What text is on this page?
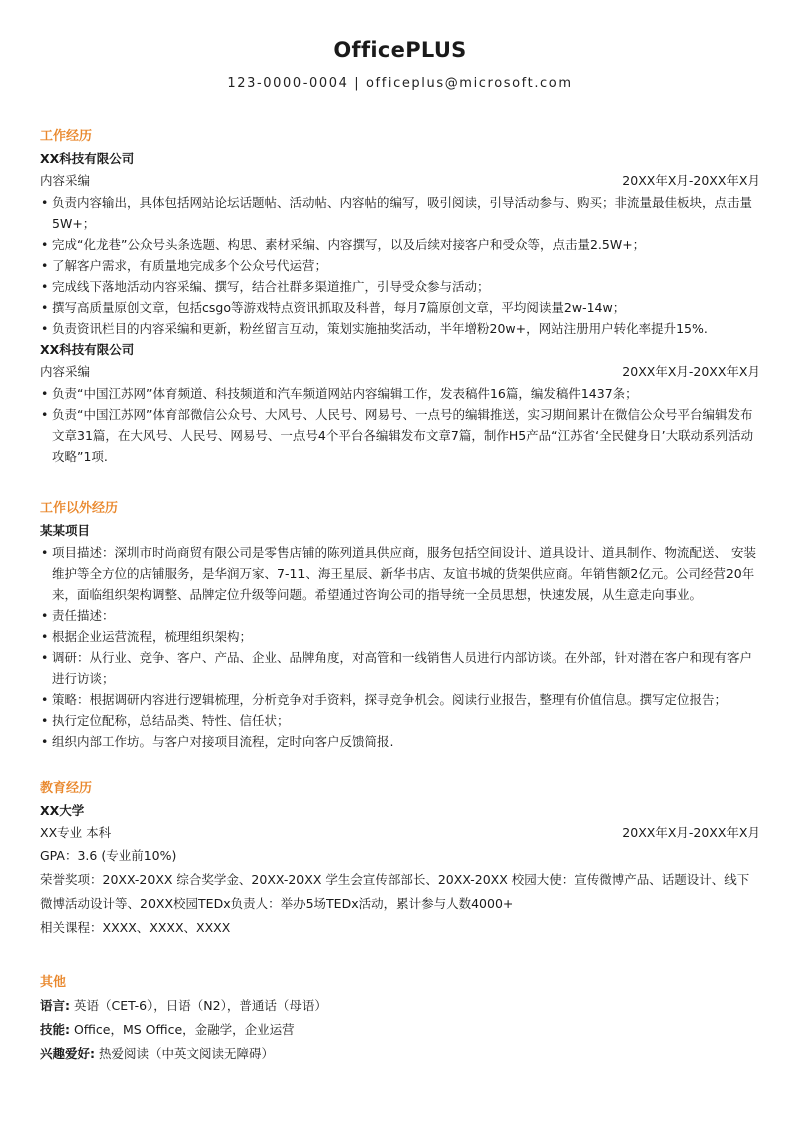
OfficePLUS
123-0000-0004 | officeplus@microsoft.com
工作经历
XX科技有限公司
内容采编	20XX年X月-20XX年X月
• 负责内容输出，具体包括网站论坛话题帖、活动帖、内容帖的编写，吸引阅读，引导活动参与、购买；非流量最佳板块，点击量5W+；
• 完成“化龙巷”公众号头条选题、构思、素材采编、内容撰写，以及后续对接客户和受众等，点击量2.5W+；
• 了解客户需求，有质量地完成多个公众号代运营；
• 完成线下落地活动内容采编、撰写，结合社群多渠道推广，引导受众参与活动；
• 撰写高质量原创文章，包括csgo等游戏特点资讯抓取及科普，每月7篇原创文章，平均阅读量2w-14w；
• 负责资讯栏目的内容采编和更新，粉丝留言互动，策划实施抽奖活动，半年增粉20w+，网站注册用户转化率提升15%.
XX科技有限公司
内容采编	20XX年X月-20XX年X月
• 负责“中国江苏网”体育频道、科技频道和汽车频道网站内容编辑工作，发表稿件16篇，编发稿件1437条；
• 负责“中国江苏网”体育部微信公众号、大风号、人民号、网易号、一点号的编辑推送，实习期间累计在微信公众号平台编辑发布文章31篇，在大风号、人民号、网易号、一点号4个平台各编辑发布文章7篇，制作H5产品“江苏省‘全民健身日’大联动系列活动攻略”1项.
工作以外经历
某某项目
• 项目描述：深圳市时尚商贸有限公司是零售店铺的陈列道具供应商，服务包括空间设计、道具设计、道具制作、物流配送、 安装维护等全方位的店铺服务，是华润万家、7-11、海王星辰、新华书店、友谊书城的货架供应商。年销售额2亿元。公司经营20年来，面临组织架构调整、品牌定位升级等问题。希望通过咨询公司的指导统一全员思想，快速发展，从生意走向事业。
• 责任描述：
• 根据企业运营流程，梳理组织架构；
• 调研：从行业、竞争、客户、产品、企业、品牌角度，对高管和一线销售人员进行内部访谈。在外部，针对潜在客户和现有客户进行访谈；
• 策略：根据调研内容进行逻辑梳理，分析竞争对手资料，探寻竞争机会。阅读行业报告，整理有价值信息。撰写定位报告；
• 执行定位配称，总结品类、特性、信任状；
• 组织内部工作坊。与客户对接项目流程，定时向客户反馈简报.
教育经历
XX大学
XX专业 本科	20XX年X月-20XX年X月
GPA：3.6 (专业前10%)
荣誉奖项：20XX-20XX 综合奖学金、20XX-20XX 学生会宣传部部长、20XX-20XX 校园大使：宣传微博产品、话题设计、线下微博活动设计等、20XX校园TEDx负责人：举办5场TEDx活动，累计参与人数4000+
相关课程：XXXX、XXXX、XXXX
其他
语言: 英语（CET-6），日语（N2），普通话（母语）
技能: Office，MS Office，金融学，企业运营
兴趣爱好: 热爱阅读（中英文阅读无障碍）
